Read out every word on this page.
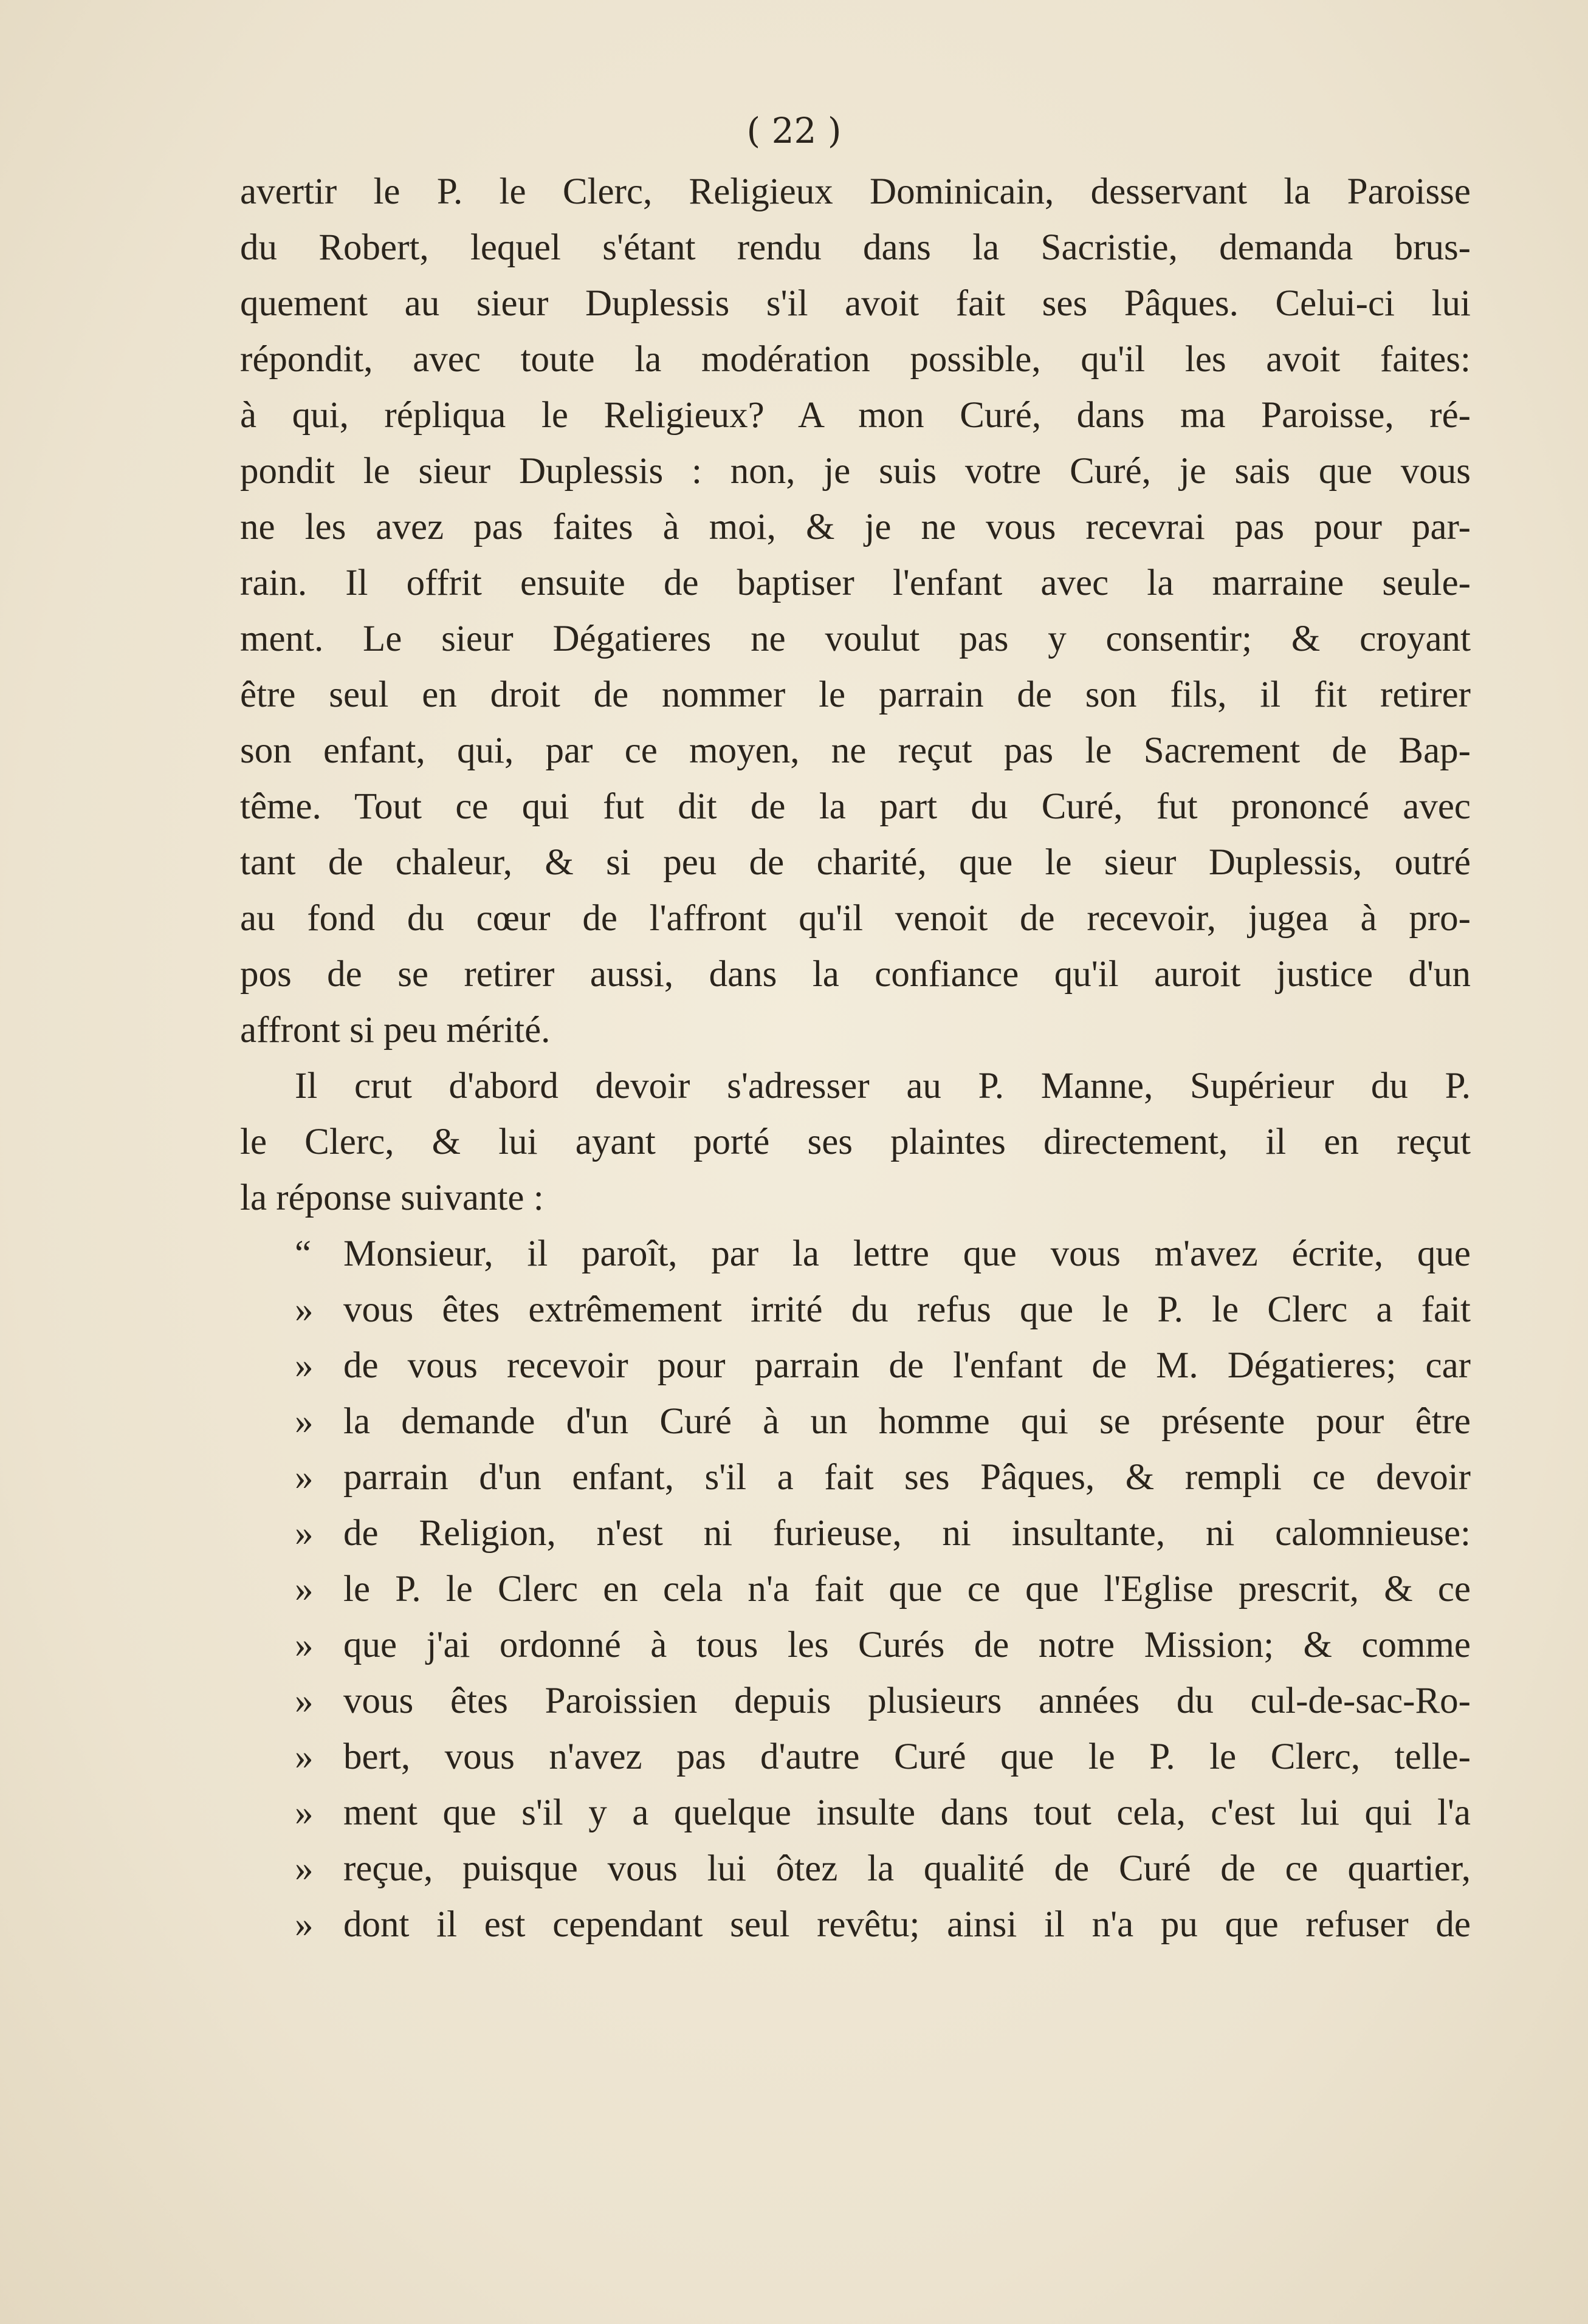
( 22 )
avertir le P. le Clerc, Religieux Dominicain, desservant la Paroisse
du Robert, lequel s'étant rendu dans la Sacristie, demanda brus-
quement au sieur Duplessis s'il avoit fait ses Pâques. Celui-ci lui
répondit, avec toute la modération possible, qu'il les avoit faites:
à qui, répliqua le Religieux? A mon Curé, dans ma Paroisse, ré-
pondit le sieur Duplessis : non, je suis votre Curé, je sais que vous
ne les avez pas faites à moi, & je ne vous recevrai pas pour par-
rain. Il offrit ensuite de baptiser l'enfant avec la marraine seule-
ment. Le sieur Dégatieres ne voulut pas y consentir; & croyant
être seul en droit de nommer le parrain de son fils, il fit retirer
son enfant, qui, par ce moyen, ne reçut pas le Sacrement de Bap-
tême. Tout ce qui fut dit de la part du Curé, fut prononcé avec
tant de chaleur, & si peu de charité, que le sieur Duplessis, outré
au fond du cœur de l'affront qu'il venoit de recevoir, jugea à pro-
pos de se retirer aussi, dans la confiance qu'il auroit justice d'un
affront si peu mérité.
Il crut d'abord devoir s'adresser au P. Manne, Supérieur du P.
le Clerc, & lui ayant porté ses plaintes directement, il en reçut
la réponse suivante :
“ Monsieur, il paroît, par la lettre que vous m'avez écrite, que
» vous êtes extrêmement irrité du refus que le P. le Clerc a fait
» de vous recevoir pour parrain de l'enfant de M. Dégatieres; car
» la demande d'un Curé à un homme qui se présente pour être
» parrain d'un enfant, s'il a fait ses Pâques, & rempli ce devoir
» de Religion, n'est ni furieuse, ni insultante, ni calomnieuse:
» le P. le Clerc en cela n'a fait que ce que l'Eglise prescrit, & ce
» que j'ai ordonné à tous les Curés de notre Mission; & comme
» vous êtes Paroissien depuis plusieurs années du cul-de-sac-Ro-
» bert, vous n'avez pas d'autre Curé que le P. le Clerc, telle-
» ment que s'il y a quelque insulte dans tout cela, c'est lui qui l'a
» reçue, puisque vous lui ôtez la qualité de Curé de ce quartier,
» dont il est cependant seul revêtu; ainsi il n'a pu que refuser de
